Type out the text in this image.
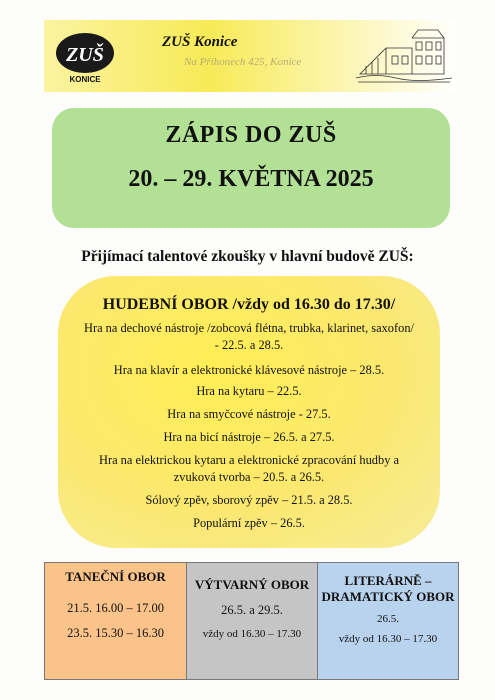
ZUŠ
KONICE
ZUŠ Konice
Na Příhonech 425, Konice
ZÁPIS DO ZUŠ
20. – 29. KVĚTNA 2025
Přijímací talentové zkoušky v hlavní budově ZUŠ:
HUDEBNÍ OBOR /vždy od 16.30 do 17.30/
Hra na dechové nástroje /zobcová flétna, trubka, klarinet, saxofon/
- 22.5. a 28.5.
Hra na klavír a elektronické klávesové nástroje – 28.5.
Hra na kytaru – 22.5.
Hra na smyčcové nástroje - 27.5.
Hra na bicí nástroje – 26.5. a 27.5.
Hra na elektrickou kytaru a elektronické zpracování hudby a
zvuková tvorba – 20.5. a 26.5.
Sólový zpěv, sborový zpěv – 21.5. a 28.5.
Populární zpěv – 26.5.
TANEČNÍ OBOR
21.5. 16.00 – 17.00
23.5. 15.30 – 16.30
VÝTVARNÝ OBOR
26.5. a 29.5.
vždy od 16.30 – 17.30
LITERÁRNĚ –
DRAMATICKÝ OBOR
26.5.
vždy od 16.30 – 17.30
